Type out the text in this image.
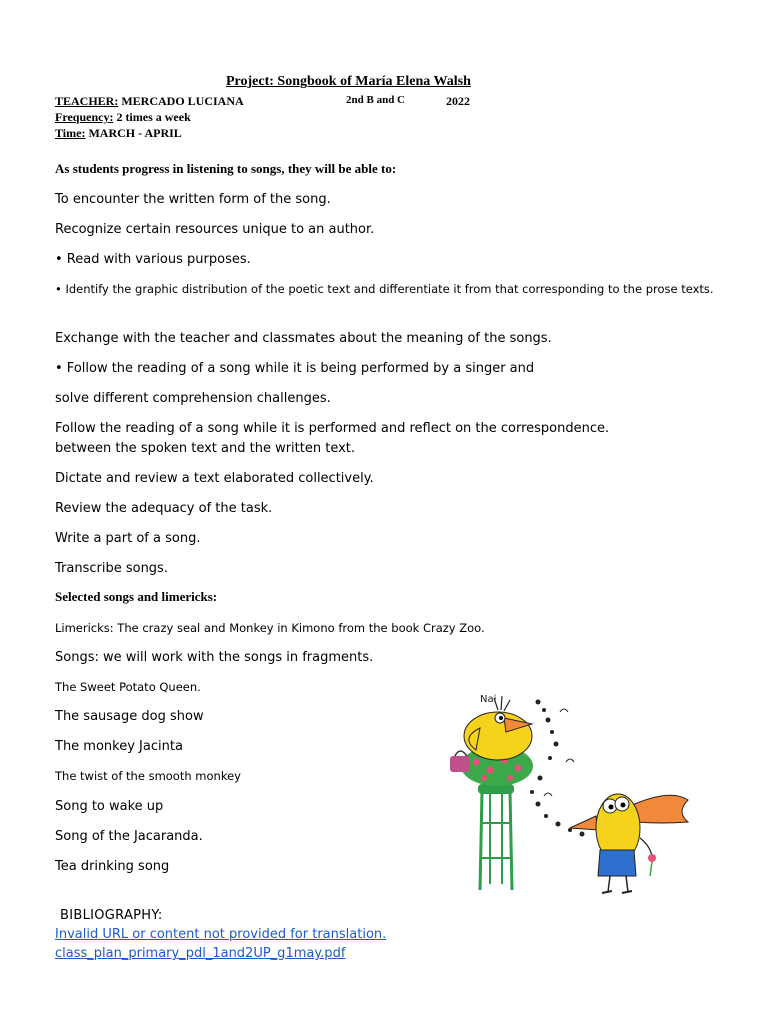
Project: Songbook of María Elena Walsh
TEACHER: MERCADO LUCIANA	2nd B and C	2022
Frequency: 2 times a week
Time: MARCH - APRIL
As students progress in listening to songs, they will be able to:
To encounter the written form of the song.
Recognize certain resources unique to an author.
• Read with various purposes.
• Identify the graphic distribution of the poetic text and differentiate it from that corresponding to the prose texts.
Exchange with the teacher and classmates about the meaning of the songs.
• Follow the reading of a song while it is being performed by a singer and
solve different comprehension challenges.
Follow the reading of a song while it is performed and reflect on the correspondence.
between the spoken text and the written text.
Dictate and review a text elaborated collectively.
Review the adequacy of the task.
Write a part of a song.
Transcribe songs.
Selected songs and limericks:
Limericks: The crazy seal and Monkey in Kimono from the book Crazy Zoo.
Songs: we will work with the songs in fragments.
The Sweet Potato Queen.
The sausage dog show
The monkey Jacinta
The twist of the smooth monkey
Song to wake up
Song of the Jacaranda.
Tea drinking song
BIBLIOGRAPHY:
Invalid URL or content not provided for translation.
class_plan_primary_pdl_1and2UP_g1may.pdf
Nai
